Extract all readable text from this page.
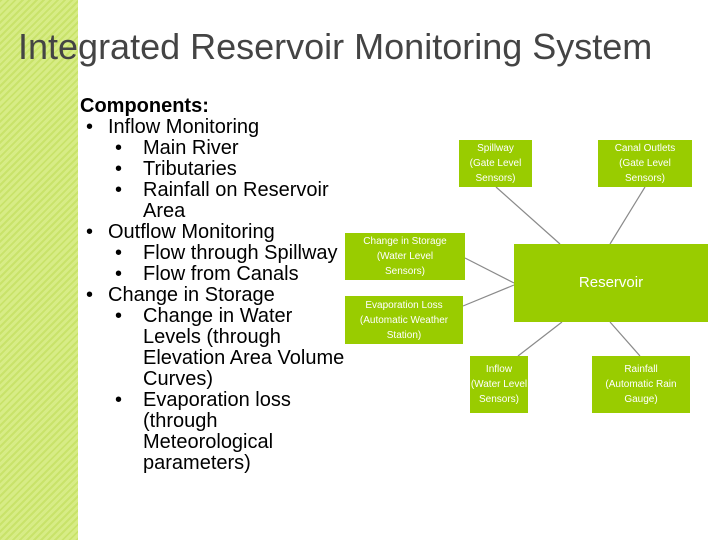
Integrated Reservoir Monitoring System
Components:
• Inflow Monitoring
• Main River
• Tributaries
• Rainfall on Reservoir
Area
• Outflow Monitoring
• Flow through Spillway
• Flow from Canals
• Change in Storage
• Change in Water
Levels (through
Elevation Area Volume
Curves)
• Evaporation loss
(through
Meteorological
parameters)
Spillway
(Gate Level
Sensors)
Canal Outlets
(Gate Level
Sensors)
Change in Storage
(Water Level
Sensors)
Reservoir
Evaporation Loss
(Automatic Weather
Station)
Inflow
(Water Level
Sensors)
Rainfall
(Automatic Rain
Gauge)
